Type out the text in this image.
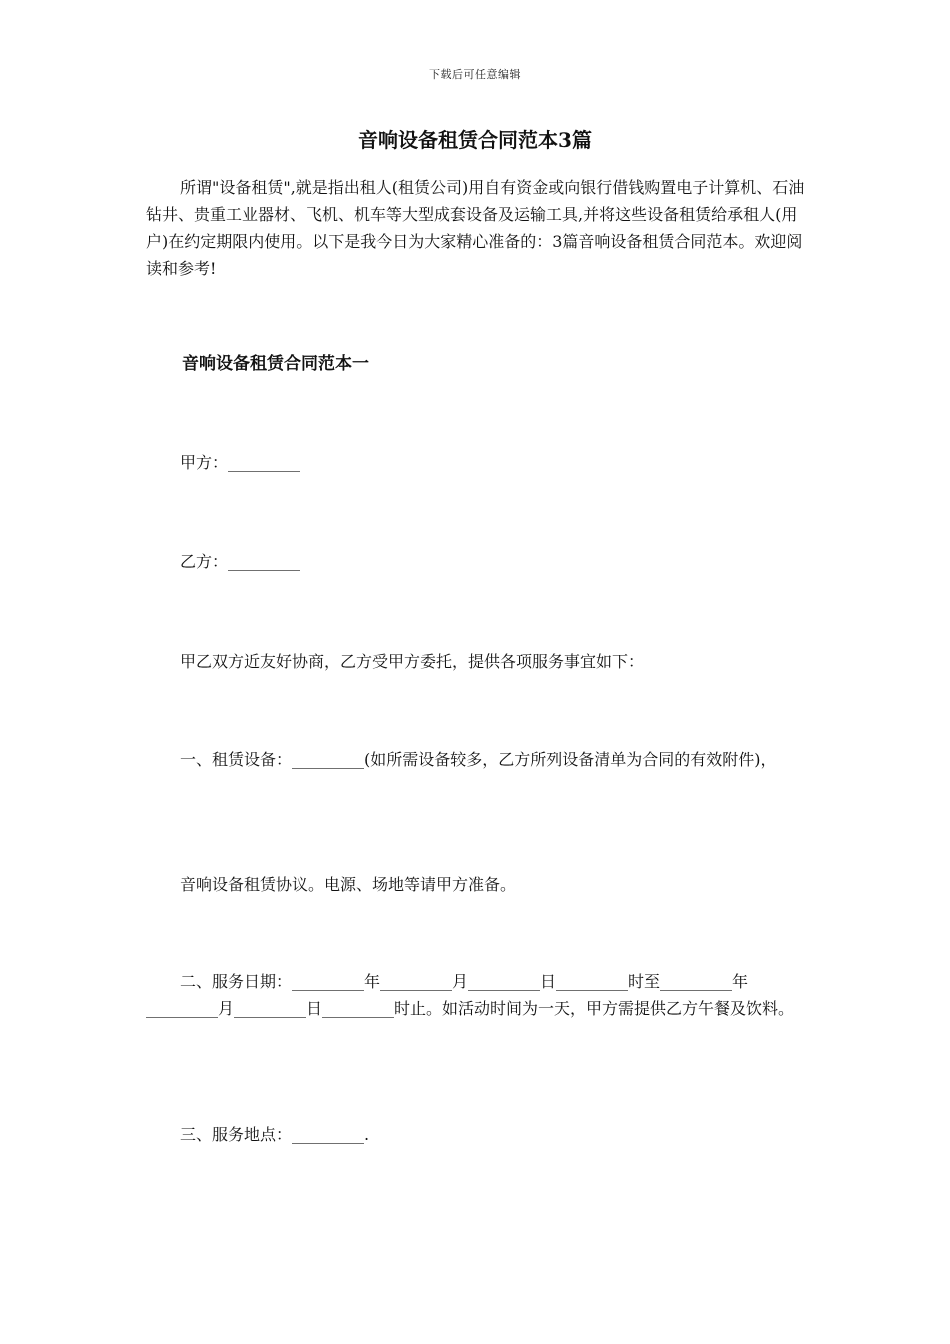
下载后可任意编辑
音响设备租赁合同范本3篇

所谓"设备租赁",就是指出租人(租赁公司)用自有资金或向银行借钱购置电子计算机、石油钻井、贵重工业器材、飞机、机车等大型成套设备及运输工具,并将这些设备租赁给承租人(用户)在约定期限内使用。以下是我今日为大家精心准备的：3篇音响设备租赁合同范本。欢迎阅读和参考!

音响设备租赁合同范本一

甲方：_________

乙方：_________

甲乙双方近友好协商，乙方受甲方委托，提供各项服务事宜如下：

一、租赁设备：_________(如所需设备较多，乙方所列设备清单为合同的有效附件)，

音响设备租赁协议。电源、场地等请甲方准备。

二、服务日期：_________年_________月_________日_________时至_________年_________月_________日_________时止。如活动时间为一天，甲方需提供乙方午餐及饮料。

三、服务地点：_________.
